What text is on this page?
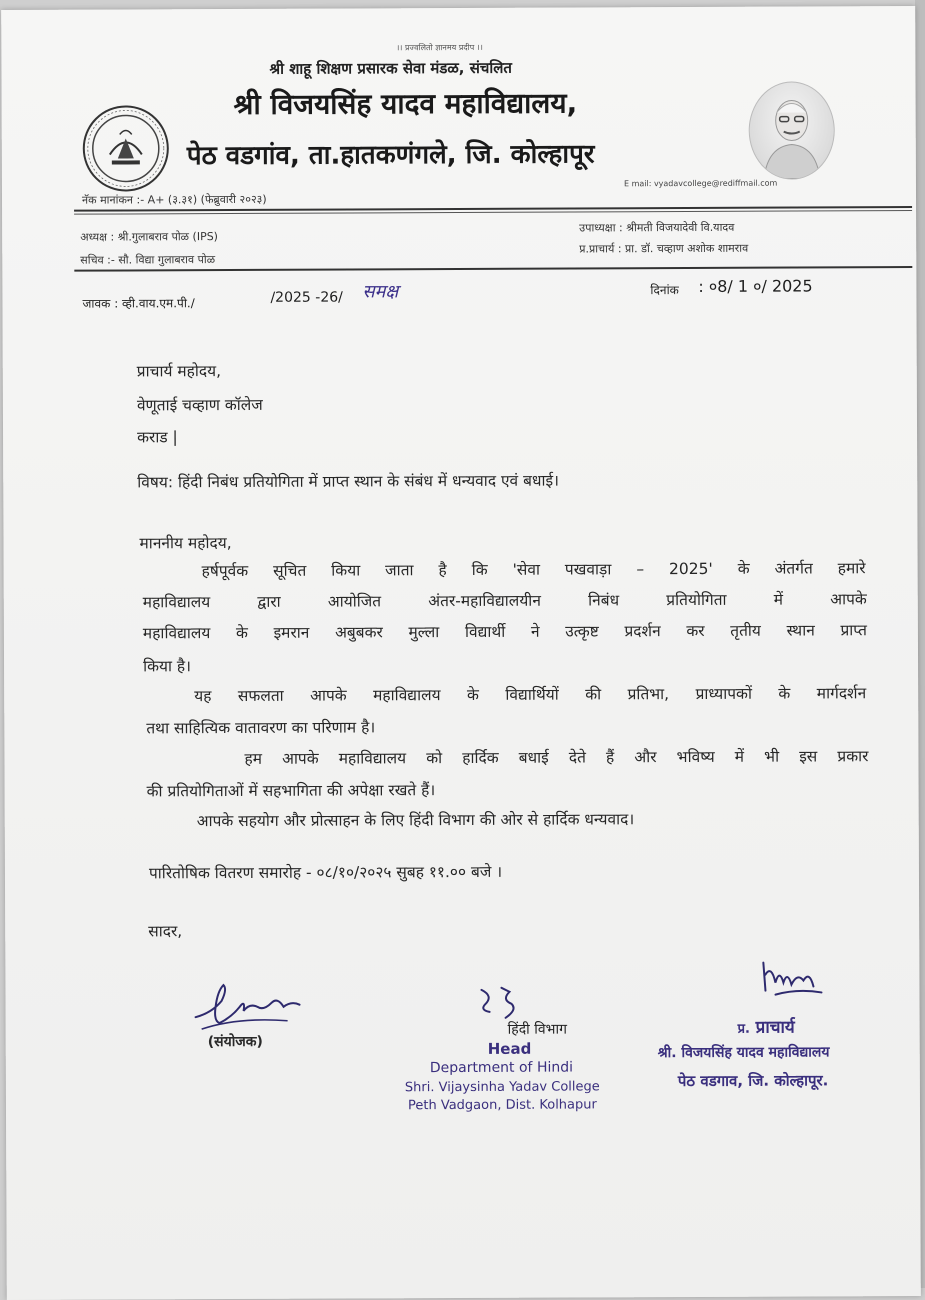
।। प्रज्वलितो ज्ञानमय प्रदीप ।।
श्री शाहू शिक्षण प्रसारक सेवा मंडळ, संचलित
श्री विजयसिंह यादव महाविद्यालय,
पेठ वडगांव, ता.हातकणंगले, जि. कोल्हापूर
नॅक मानांकन :- A+ (३.३१) (फेब्रुवारी २०२३)
E mail: vyadavcollege@rediffmail.com
अध्यक्ष : श्री.गुलाबराव पोळ (IPS)
सचिव :- सौ. विद्या गुलाबराव पोळ
उपाध्यक्षा : श्रीमती विजयादेवी वि.यादव
प्र.प्राचार्य : प्रा. डॉ. चव्हाण अशोक शामराव
जावक : व्ही.वाय.एम.पी./	/2025 -26/ समक्ष	दिनांक : ०8/ 1 ०/ 2025
प्राचार्य महोदय,
वेणूताई चव्हाण कॉलेज
कराड |
विषय: हिंदी निबंध प्रतियोगिता में प्राप्त स्थान के संबंध में धन्यवाद एवं बधाई।
माननीय महोदय,
हर्षपूर्वक सूचित किया जाता है कि 'सेवा पखवाड़ा – 2025' के अंतर्गत हमारे
महाविद्यालय द्वारा आयोजित अंतर-महाविद्यालयीन निबंध प्रतियोगिता में आपके
महाविद्यालय के इमरान अबुबकर मुल्ला विद्यार्थी ने उत्कृष्ट प्रदर्शन कर तृतीय स्थान प्राप्त
किया है।
यह सफलता आपके महाविद्यालय के विद्यार्थियों की प्रतिभा, प्राध्यापकों के मार्गदर्शन
तथा साहित्यिक वातावरण का परिणाम है।
हम आपके महाविद्यालय को हार्दिक बधाई देते हैं और भविष्य में भी इस प्रकार
की प्रतियोगिताओं में सहभागिता की अपेक्षा रखते हैं।
आपके सहयोग और प्रोत्साहन के लिए हिंदी विभाग की ओर से हार्दिक धन्यवाद।
पारितोषिक वितरण समारोह - ०८/१०/२०२५ सुबह ११.०० बजे ।
सादर,
(संयोजक)
हिंदी विभाग
Head
Department of Hindi
Shri. Vijaysinha Yadav College
Peth Vadgaon, Dist. Kolhapur
प्र. प्राचार्य
श्री. विजयसिंह यादव महाविद्यालय
पेठ वडगाव, जि. कोल्हापूर.
